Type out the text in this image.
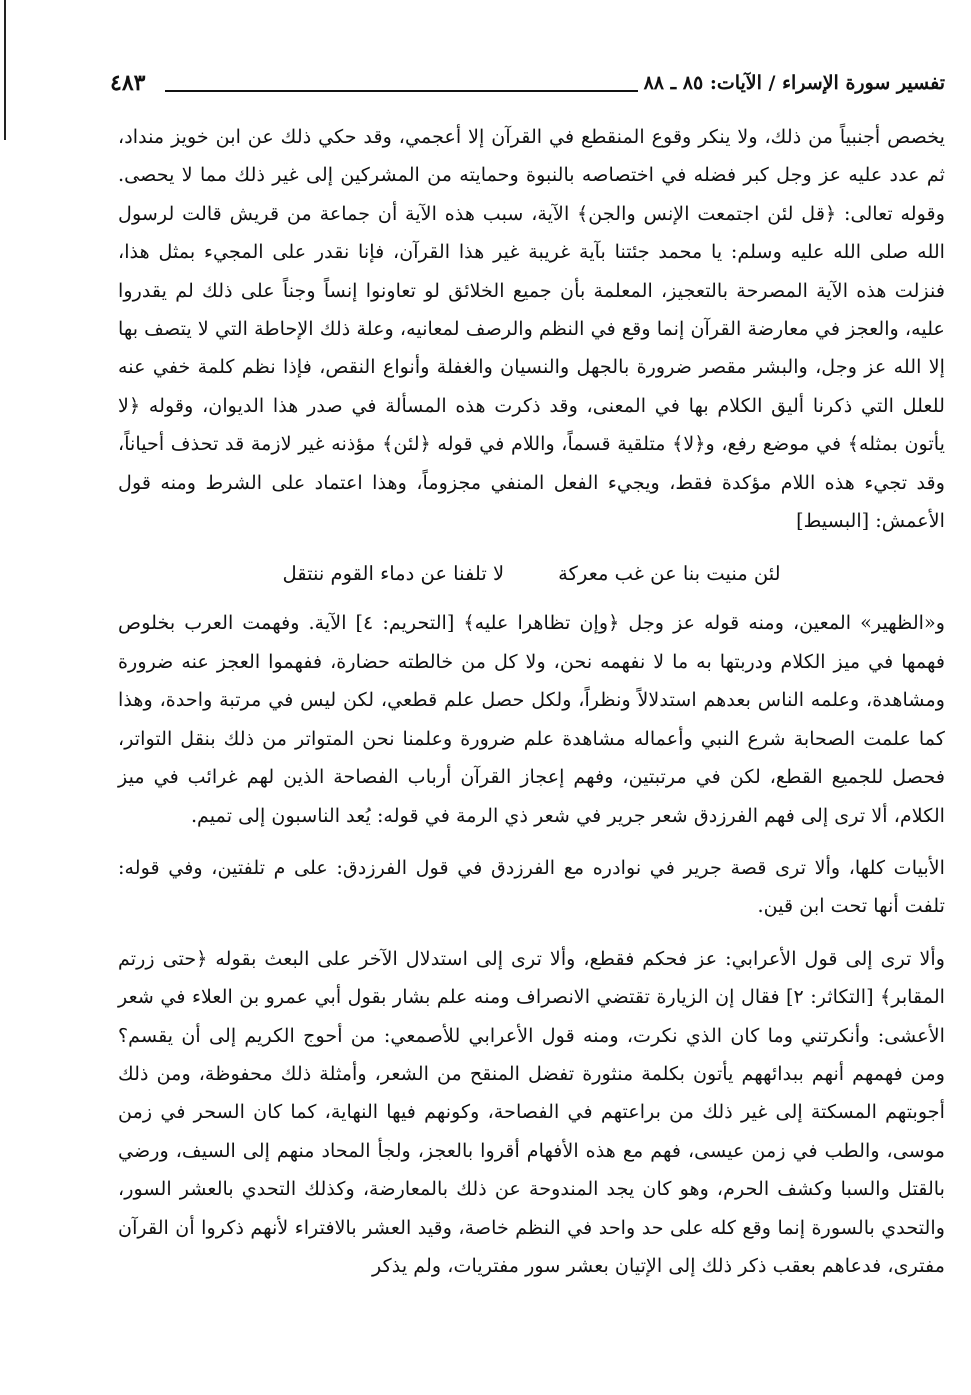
تفسير سورة الإسراء / الآيات: ٨٥ ـ ٨٨
٤٨٣

يخصص أجنبياً من ذلك، ولا ينكر وقوع المنقطع في القرآن إلا أعجمي، وقد حكي ذلك عن ابن خويز منداد، ثم عدد عليه عز وجل كبر فضله في اختصاصه بالنبوة وحمايته من المشركين إلى غير ذلك مما لا يحصى. وقوله تعالى: ﴿قل لئن اجتمعت الإنس والجن﴾ الآية، سبب هذه الآية أن جماعة من قريش قالت لرسول الله صلى الله عليه وسلم: يا محمد جئتنا بآية غريبة غير هذا القرآن، فإنا نقدر على المجيء بمثل هذا، فنزلت هذه الآية المصرحة بالتعجيز، المعلمة بأن جميع الخلائق لو تعاونوا إنساً وجناً على ذلك لم يقدروا عليه، والعجز في معارضة القرآن إنما وقع في النظم والرصف لمعانيه، وعلة ذلك الإحاطة التي لا يتصف بها إلا الله عز وجل، والبشر مقصر ضرورة بالجهل والنسيان والغفلة وأنواع النقص، فإذا نظم كلمة خفي عنه للعلل التي ذكرنا أليق الكلام بها في المعنى، وقد ذكرت هذه المسألة في صدر هذا الديوان، وقوله ﴿لا يأتون بمثله﴾ في موضع رفع، و﴿لا﴾ متلقية قسماً، واللام في قوله ﴿لئن﴾ مؤذنه غير لازمة قد تحذف أحياناً، وقد تجيء هذه اللام مؤكدة فقط، ويجيء الفعل المنفي مجزوماً، وهذا اعتماد على الشرط ومنه قول الأعمش: [البسيط]

لئن منيت بنا عن غب معركة
لا تلفنا عن دماء القوم ننتقل

و«الظهير» المعين، ومنه قوله عز وجل ﴿وإن تظاهرا عليه﴾ [التحريم: ٤] الآية. وفهمت العرب بخلوص فهمها في ميز الكلام ودربتها به ما لا نفهمه نحن، ولا كل من خالطته حضارة، ففهموا العجز عنه ضرورة ومشاهدة، وعلمه الناس بعدهم استدلالاً ونظراً، ولكل حصل علم قطعي، لكن ليس في مرتبة واحدة، وهذا كما علمت الصحابة شرع النبي وأعماله مشاهدة علم ضرورة وعلمنا نحن المتواتر من ذلك بنقل التواتر، فحصل للجميع القطع، لكن في مرتبتين، وفهم إعجاز القرآن أرباب الفصاحة الذين لهم غرائب في ميز الكلام، ألا ترى إلى فهم الفرزدق شعر جرير في شعر ذي الرمة في قوله: يُعد الناسبون إلى تميم.

الأبيات كلها، وألا ترى قصة جرير في نوادره مع الفرزدق في قول الفرزدق: على م تلفتين، وفي قوله: تلفت أنها تحت ابن قين.

وألا ترى إلى قول الأعرابي: عز فحكم فقطع، وألا ترى إلى استدلال الآخر على البعث بقوله ﴿حتى زرتم المقابر﴾ [التكاثر: ٢] فقال إن الزيارة تقتضي الانصراف ومنه علم بشار بقول أبي عمرو بن العلاء في شعر الأعشى: وأنكرتني وما كان الذي نكرت، ومنه قول الأعرابي للأصمعي: من أحوج الكريم إلى أن يقسم؟ ومن فهمهم أنهم ببدائههم يأتون بكلمة منثورة تفضل المنقح من الشعر، وأمثلة ذلك محفوظة، ومن ذلك أجوبتهم المسكتة إلى غير ذلك من براعتهم في الفصاحة، وكونهم فيها النهاية، كما كان السحر في زمن موسى، والطب في زمن عيسى، فهم مع هذه الأفهام أقروا بالعجز، ولجأ المحاد منهم إلى السيف، ورضي بالقتل والسبا وكشف الحرم، وهو كان يجد المندوحة عن ذلك بالمعارضة، وكذلك التحدي بالعشر السور، والتحدي بالسورة إنما وقع كله على حد واحد في النظم خاصة، وقيد العشر بالافتراء لأنهم ذكروا أن القرآن مفترى، فدعاهم بعقب ذكر ذلك إلى الإتيان بعشر سور مفتريات، ولم يذكر
